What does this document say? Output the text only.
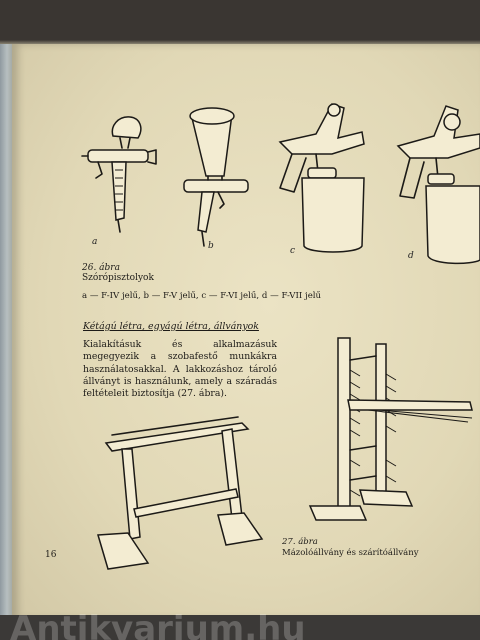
a	b	c	d
26. ábra
Szórópisztolyok
a — F-IV jelű, b — F-V jelű, c — F-VI jelű, d — F-VII jelű
Kétágú létra, egyágú létra, állványok
Kialakításuk és alkalmazásuk megegyezik a szobafestő munkákra használatosakkal. A lakkozáshoz tároló állványt is használunk, amely a száradás feltételeit biztosítja (27. ábra).
16
27. ábra
Mázolóállvány és szárítóállvány
Antikvarium.hu
